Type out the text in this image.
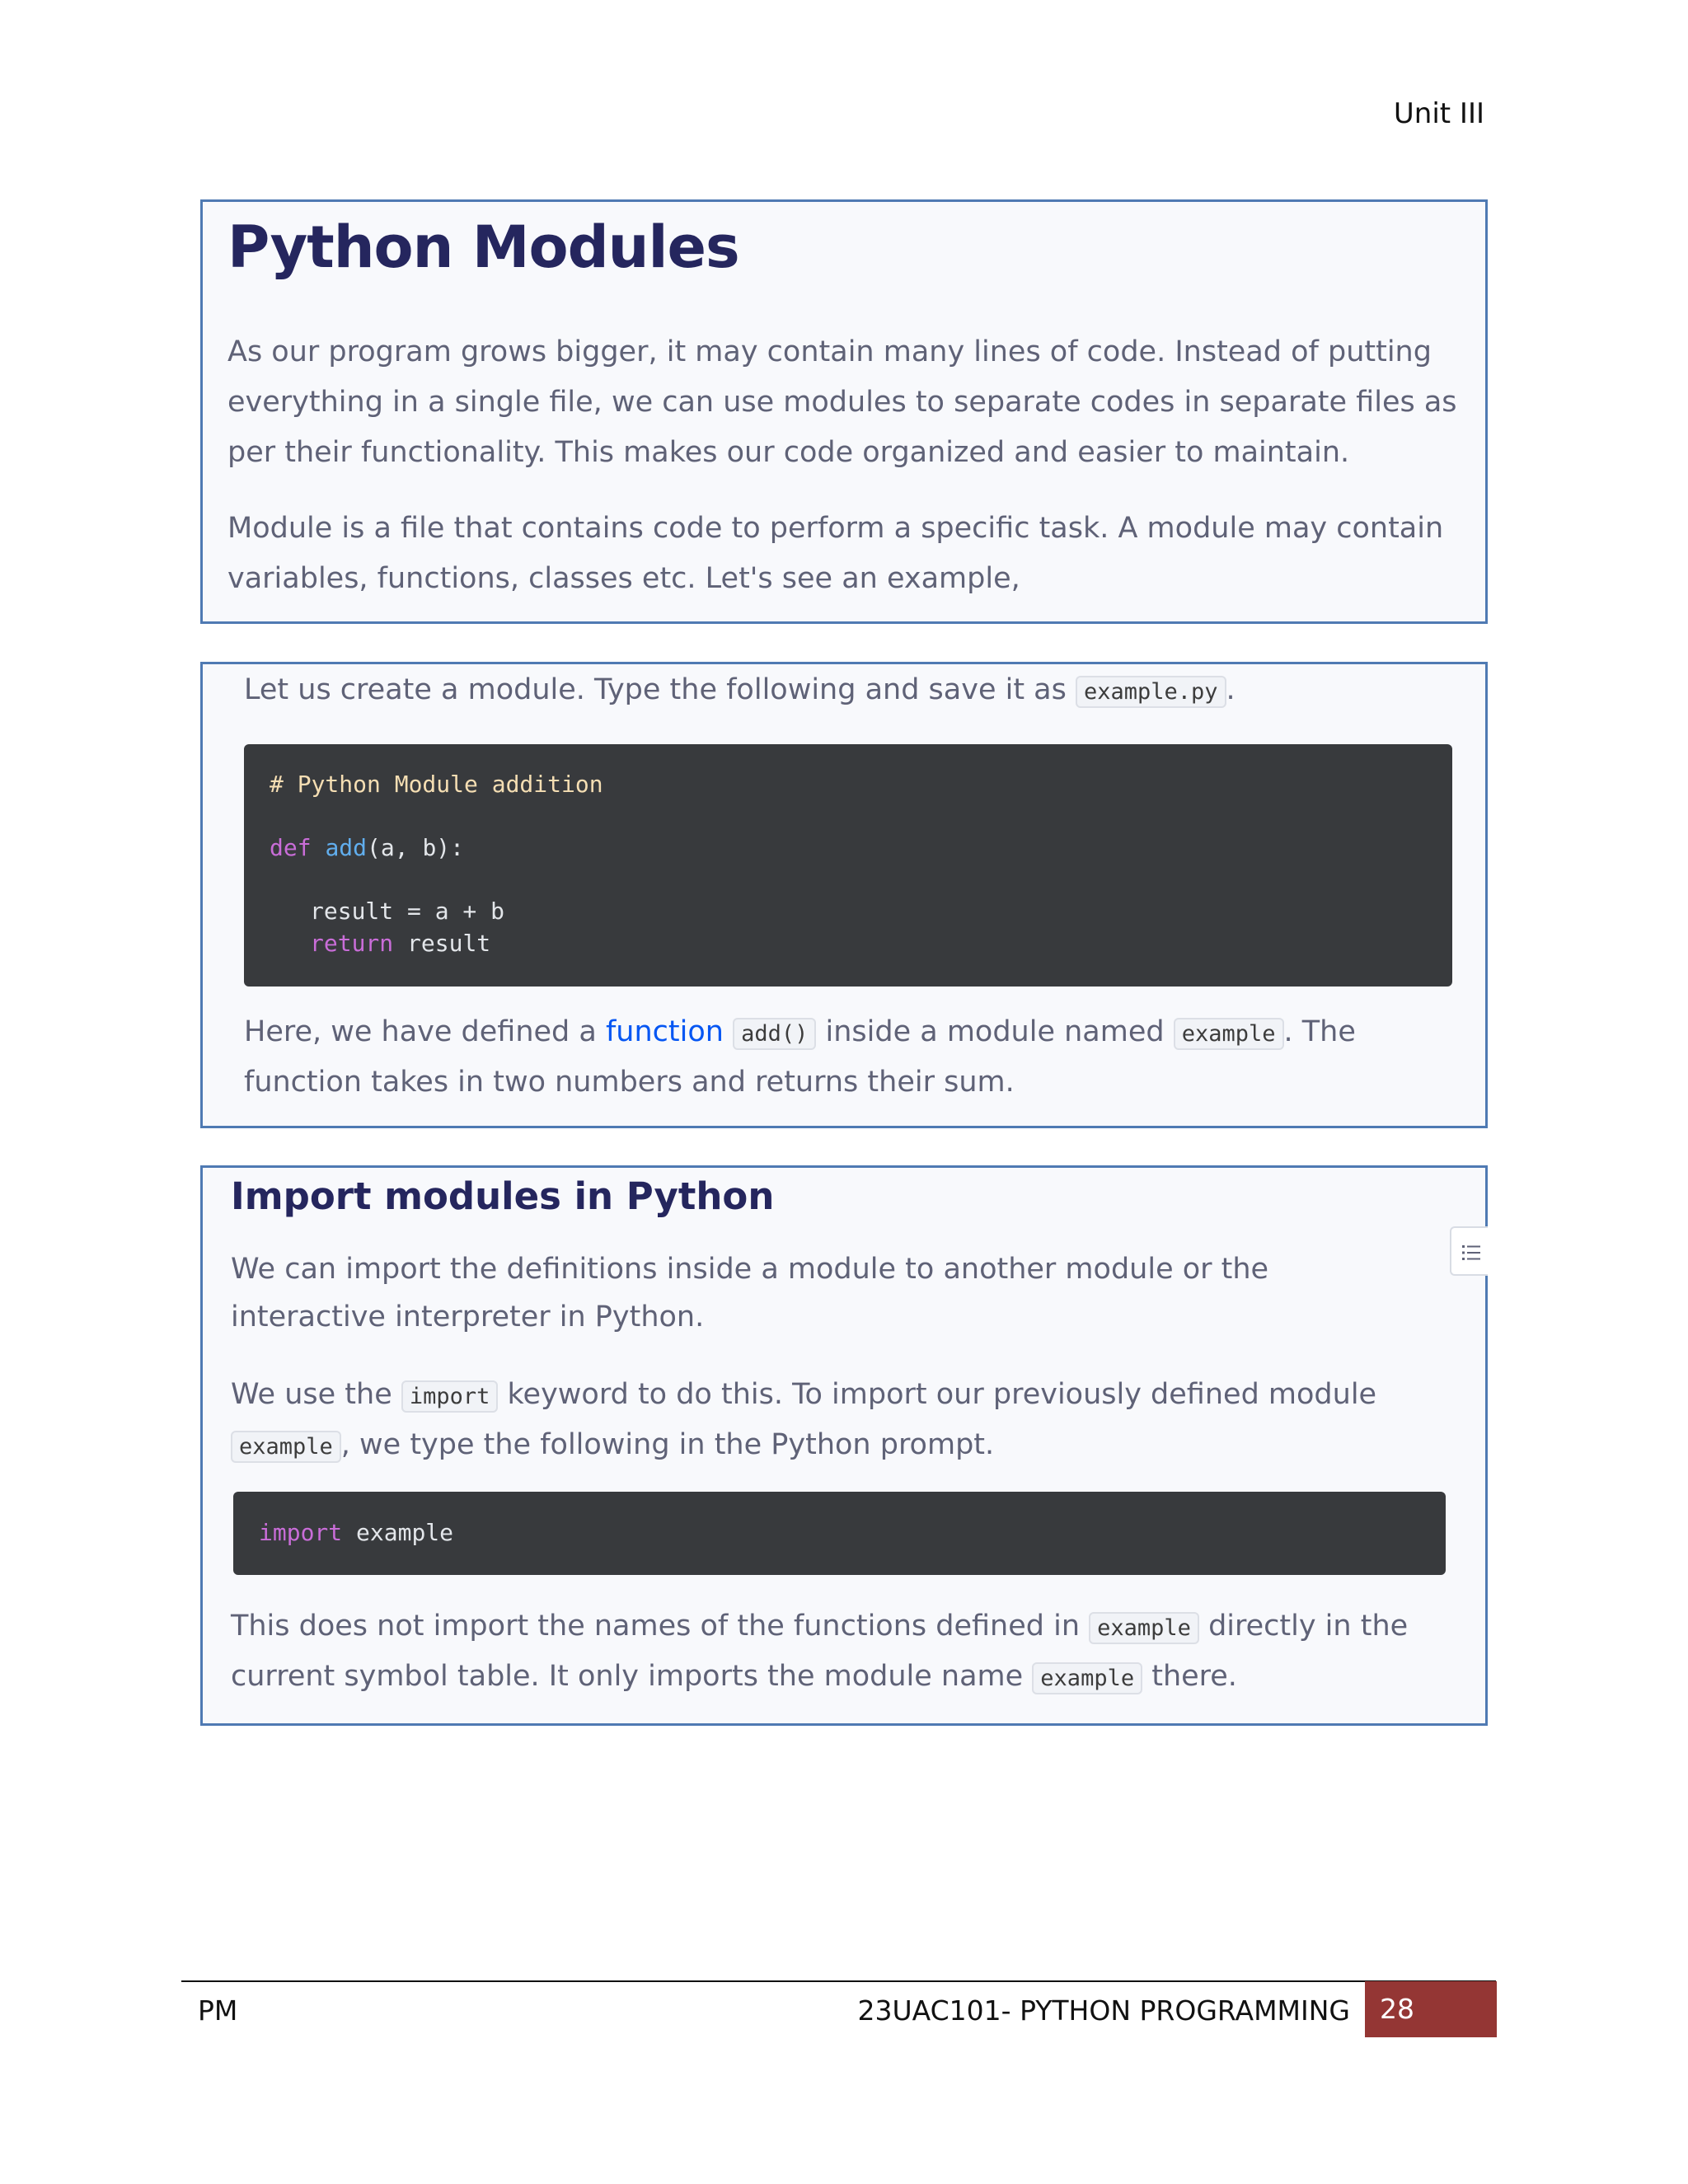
Unit III
Python Modules

As our program grows bigger, it may contain many lines of code. Instead of putting everything in a single file, we can use modules to separate codes in separate files as per their functionality. This makes our code organized and easier to maintain.

Module is a file that contains code to perform a specific task. A module may contain variables, functions, classes etc. Let's see an example,

Let us create a module. Type the following and save it as example.py .

# Python Module addition
def add(a, b):
result = a + b
return result

Here, we have defined a function add() inside a module named example . The function takes in two numbers and returns their sum.

Import modules in Python

We can import the definitions inside a module to another module or the interactive interpreter in Python.

We use the import keyword to do this. To import our previously defined module example , we type the following in the Python prompt.

import example

This does not import the names of the functions defined in example directly in the current symbol table. It only imports the module name example there.

PM	23UAC101- PYTHON PROGRAMMING	28
